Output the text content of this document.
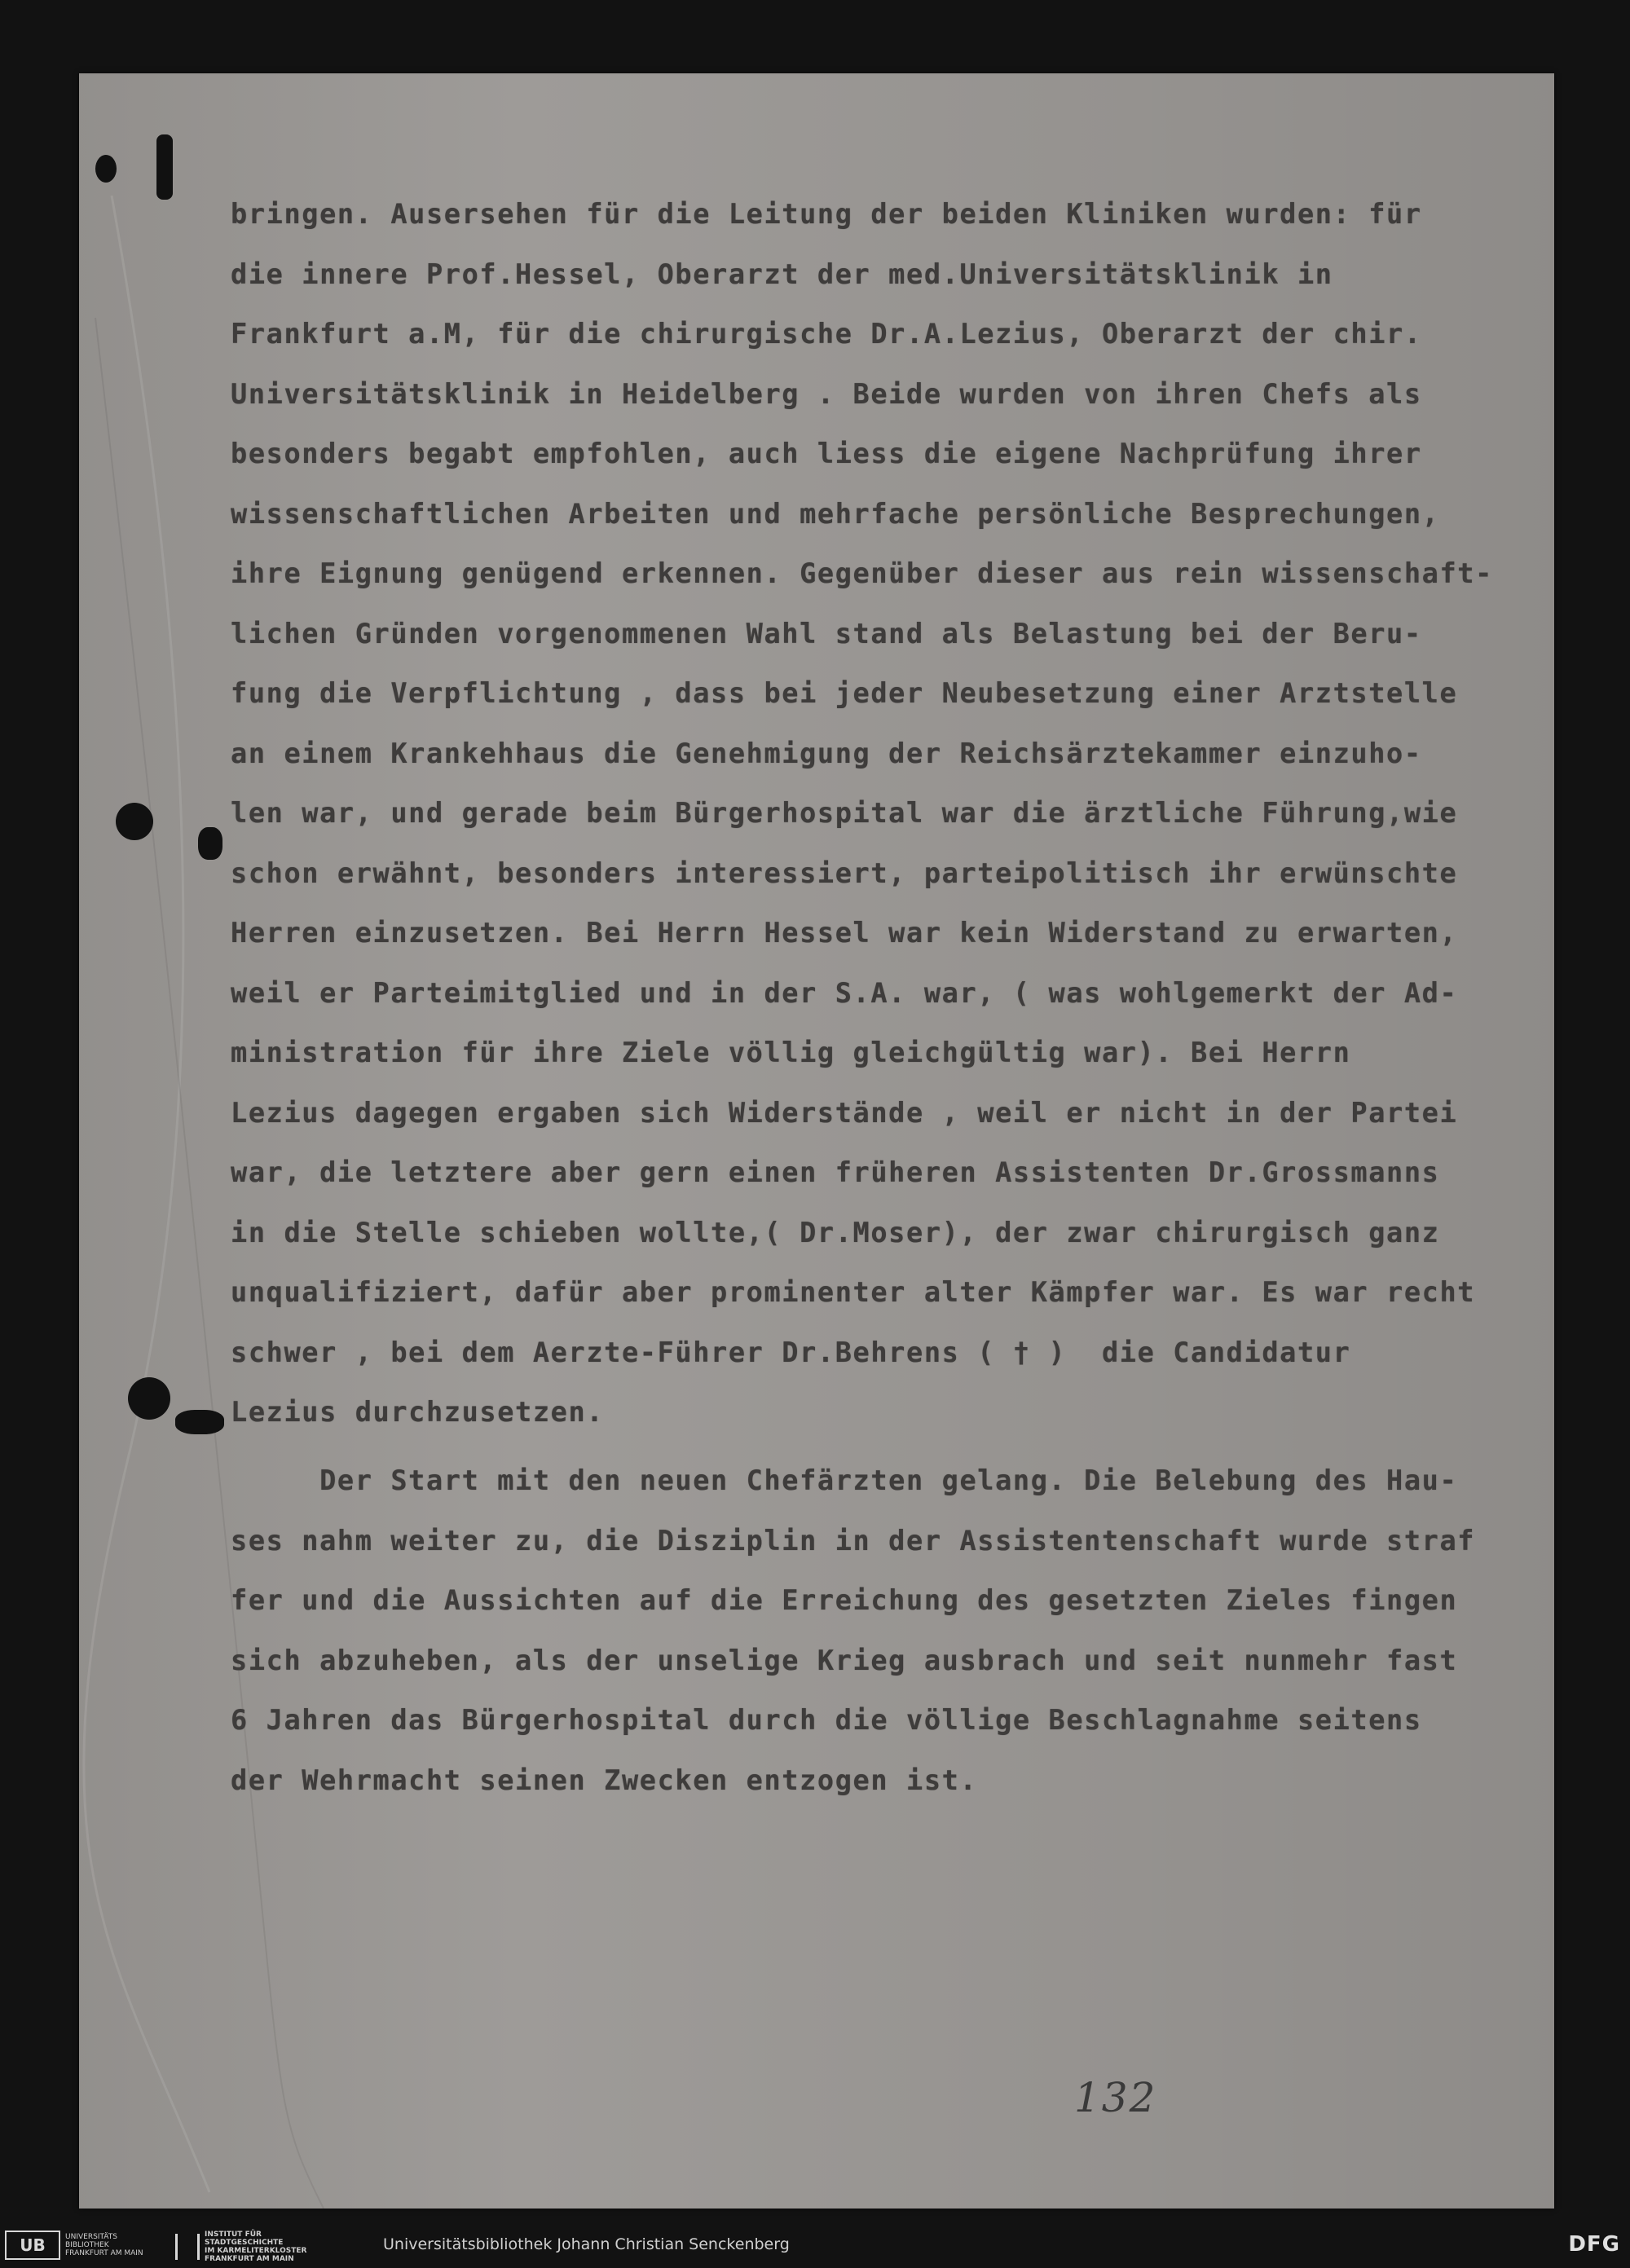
bringen. Ausersehen für die Leitung der beiden Kliniken wurden: für
die innere Prof.Hessel, Oberarzt der med.Universitätsklinik in
Frankfurt a.M, für die chirurgische Dr.A.Lezius, Oberarzt der chir.
Universitätsklinik in Heidelberg . Beide wurden von ihren Chefs als
besonders begabt empfohlen, auch liess die eigene Nachprüfung ihrer
wissenschaftlichen Arbeiten und mehrfache persönliche Besprechungen,
ihre Eignung genügend erkennen. Gegenüber dieser aus rein wissenschaft-
lichen Gründen vorgenommenen Wahl stand als Belastung bei der Beru-
fung die Verpflichtung , dass bei jeder Neubesetzung einer Arztstelle
an einem Krankehhaus die Genehmigung der Reichsärztekammer einzuho-
len war, und gerade beim Bürgerhospital war die ärztliche Führung,wie
schon erwähnt, besonders interessiert, parteipolitisch ihr erwünschte
Herren einzusetzen. Bei Herrn Hessel war kein Widerstand zu erwarten,
weil er Parteimitglied und in der S.A. war, ( was wohlgemerkt der Ad-
ministration für ihre Ziele völlig gleichgültig war). Bei Herrn
Lezius dagegen ergaben sich Widerstände , weil er nicht in der Partei
war, die letztere aber gern einen früheren Assistenten Dr.Grossmanns
in die Stelle schieben wollte,( Dr.Moser), der zwar chirurgisch ganz
unqualifiziert, dafür aber prominenter alter Kämpfer war. Es war recht
schwer , bei dem Aerzte-Führer Dr.Behrens ( † )  die Candidatur
Lezius durchzusetzen.
Der Start mit den neuen Chefärzten gelang. Die Belebung des Hau-
ses nahm weiter zu, die Disziplin in der Assistentenschaft wurde straf
fer und die Aussichten auf die Erreichung des gesetzten Zieles fingen
sich abzuheben, als der unselige Krieg ausbrach und seit nunmehr fast
6 Jahren das Bürgerhospital durch die völlige Beschlagnahme seitens
der Wehrmacht seinen Zwecken entzogen ist.
132
UB	UNIVERSITÄTS
BIBLIOTHEK
FRANKFURT AM MAIN
INSTITUT FÜR
STADTGESCHICHTE
IM KARMELITERKLOSTER
FRANKFURT AM MAIN
Universitätsbibliothek Johann Christian Senckenberg	DFG
